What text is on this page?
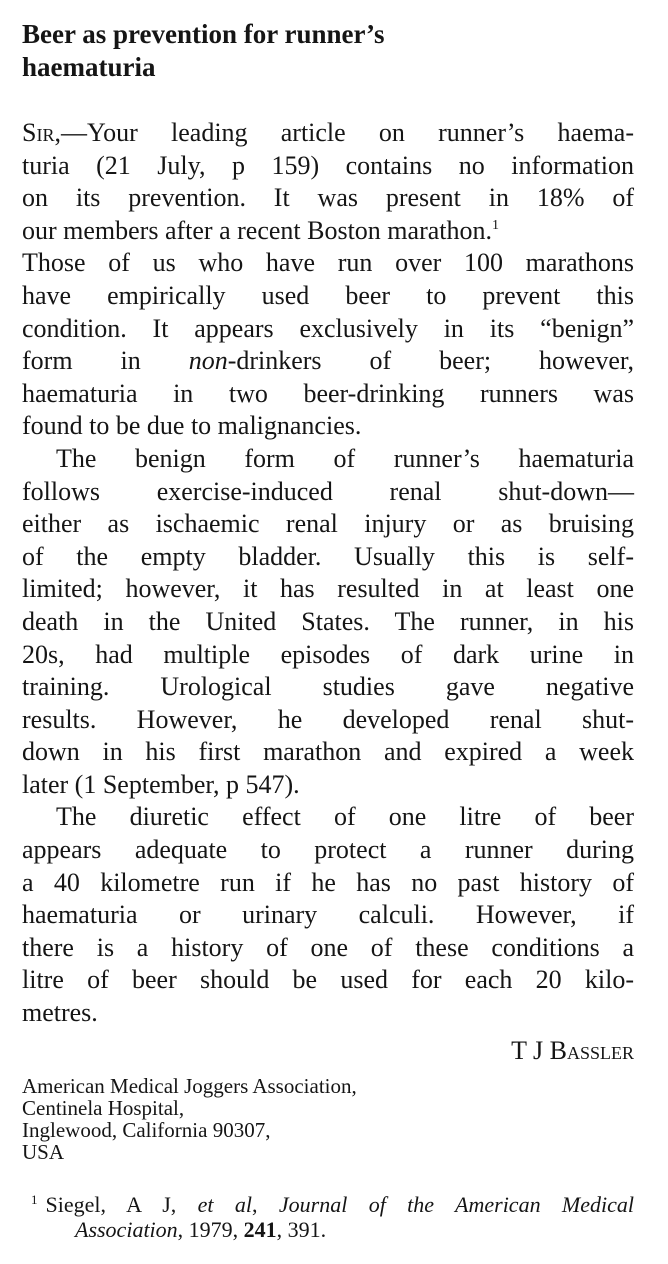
Beer as prevention for runner’s
haematuria
Sir,—Your leading article on runner’s haema-
turia (21 July, p 159) contains no information
on its prevention. It was present in 18% of
our members after a recent Boston marathon.$^1$
Those of us who have run over 100 marathons
have empirically used beer to prevent this
condition. It appears exclusively in its “benign”
form in non-drinkers of beer; however,
haematuria in two beer-drinking runners was
found to be due to malignancies.
The benign form of runner’s haematuria
follows exercise-induced renal shut-down—
either as ischaemic renal injury or as bruising
of the empty bladder. Usually this is self-
limited; however, it has resulted in at least one
death in the United States. The runner, in his
20s, had multiple episodes of dark urine in
training. Urological studies gave negative
results. However, he developed renal shut-
down in his first marathon and expired a week
later (1 September, p 547).
The diuretic effect of one litre of beer
appears adequate to protect a runner during
a 40 kilometre run if he has no past history of
haematuria or urinary calculi. However, if
there is a history of one of these conditions a
litre of beer should be used for each 20 kilo-
metres.
T J Bassler
American Medical Joggers Association,
Centinela Hospital,
Inglewood, California 90307,
USA
$^1$ Siegel, A J, et al, Journal of the American Medical
Association, 1979, 241, 391.
